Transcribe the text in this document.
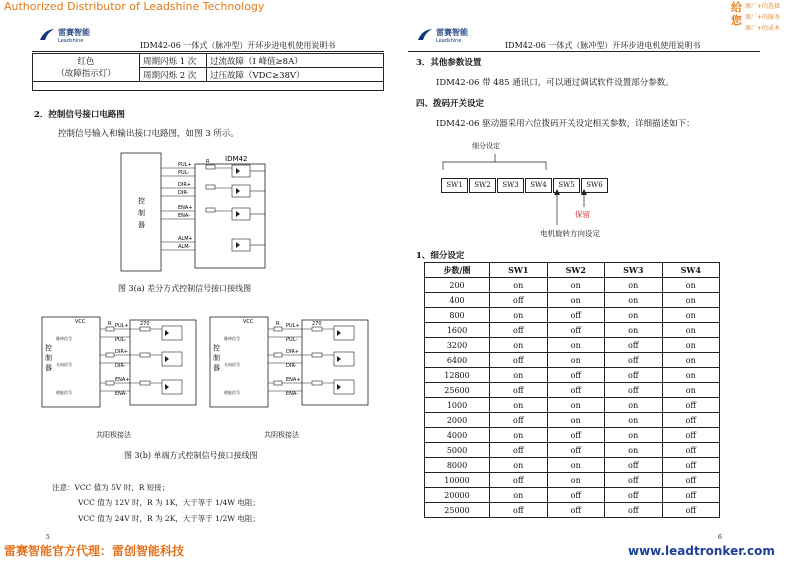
Authorized Distributor of Leadshine Technology	给您
原厂+的选择
原厂+的服务
原厂+的成本
雷赛智能
Leadshine	IDM42-06 一体式（脉冲型）开环步进电机使用说明书
雷赛智能
Leadshine	IDM42-06 一体式（脉冲型）开环步进电机使用说明书
红色
（故障指示灯）	周期闪烁 1 次	过流故障（I 峰值≥8A）
	周期闪烁 2 次	过压故障（VDC≥38V）

2．控制信号接口电路图
控制信号输入和输出接口电路图，如图 3 所示。
IDM42
R
控 制 器
PUL+
PUL-
DIR+
DIR-
ENA+
ENA-
ALM+
ALM-
图 3(a) 差分方式控制信号接口接线图
VCC
控 制 器
脉冲信号
方向信号
使能信号
R	270
PUL+
PUL-
DIR+
DIR-
ENA+
ENA-
共阳极接法
VCC
控 制 器
脉冲信号
方向信号
使能信号
R	270
PUL+
PUL-
DIR+
DIR-
ENA+
ENA-
共阴极接法
图 3(b) 单端方式控制信号接口接线图
注意：VCC 值为 5V 时，R 短接；
VCC 值为 12V 时，R 为 1K，大于等于 1/4W 电阻；
VCC 值为 24V 时，R 为 2K，大于等于 1/2W 电阻；
5
3．其他参数设置
IDM42-06 带 485 通讯口，可以通过调试软件设置部分参数。
四、拨码开关设定
IDM42-06 驱动器采用六位拨码开关设定相关参数，详细描述如下：
细分设定
SW1 SW2 SW3 SW4 SW5 SW6
保留
电机旋转方向设定
1、细分设定
步数/圈	SW1	SW2	SW3	SW4
200	on	on	on	on
400	off	on	on	on
800	on	off	on	on
1600	off	off	on	on
3200	on	on	off	on
6400	off	on	off	on
12800	on	off	off	on
25600	off	off	off	on
1000	on	on	on	off
2000	off	on	on	off
4000	on	off	on	off
5000	off	off	on	off
8000	on	on	off	off
10000	off	on	off	off
20000	on	off	off	off
25000	off	off	off	off
6
雷赛智能官方代理：雷创智能科技	www.leadtronker.com
